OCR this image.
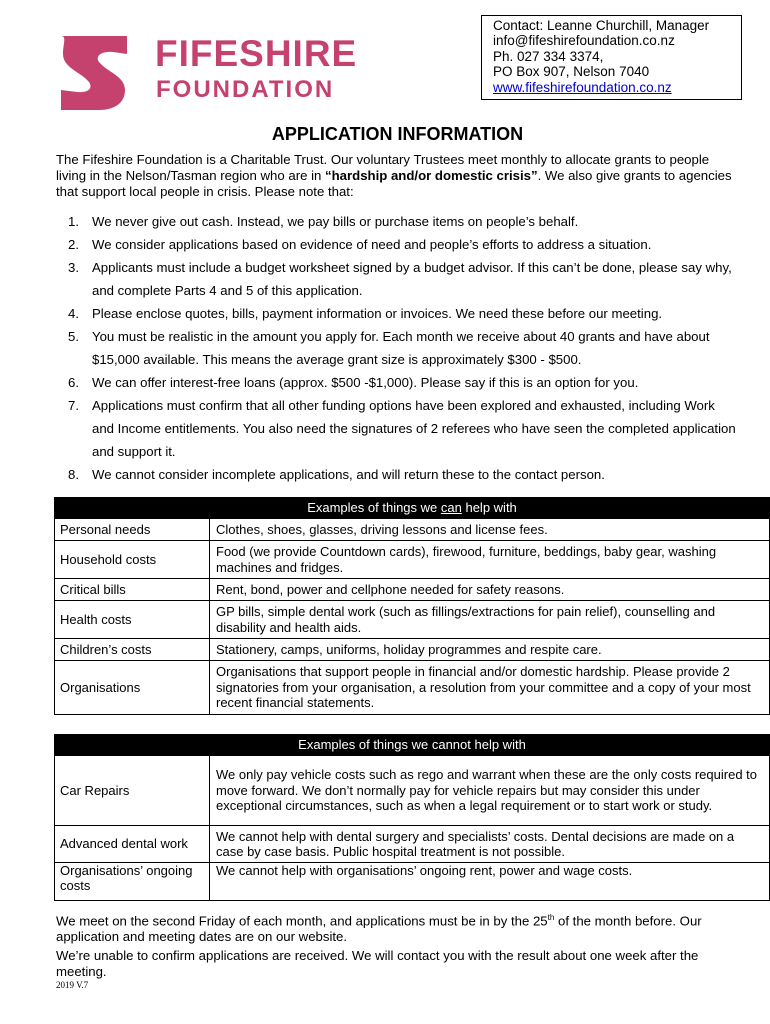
FIFESHIRE
FOUNDATION
Contact: Leanne Churchill, Manager
info@fifeshirefoundation.co.nz
Ph. 027 334 3374,
PO Box 907, Nelson 7040
www.fifeshirefoundation.co.nz
APPLICATION INFORMATION
The Fifeshire Foundation is a Charitable Trust. Our voluntary Trustees meet monthly to allocate grants to people living in the Nelson/Tasman region who are in “hardship and/or domestic crisis”. We also give grants to agencies that support local people in crisis. Please note that:
1. We never give out cash. Instead, we pay bills or purchase items on people’s behalf.
2. We consider applications based on evidence of need and people’s efforts to address a situation.
3. Applicants must include a budget worksheet signed by a budget advisor. If this can’t be done, please say why, and complete Parts 4 and 5 of this application.
4. Please enclose quotes, bills, payment information or invoices. We need these before our meeting.
5. You must be realistic in the amount you apply for. Each month we receive about 40 grants and have about $15,000 available. This means the average grant size is approximately $300 - $500.
6. We can offer interest-free loans (approx. $500 -$1,000). Please say if this is an option for you.
7. Applications must confirm that all other funding options have been explored and exhausted, including Work and Income entitlements. You also need the signatures of 2 referees who have seen the completed application and support it.
8. We cannot consider incomplete applications, and will return these to the contact person.
Examples of things we can help with	
Personal needs	Clothes, shoes, glasses, driving lessons and license fees.
Household costs	Food (we provide Countdown cards), firewood, furniture, beddings, baby gear, washing machines and fridges.
Critical bills	Rent, bond, power and cellphone needed for safety reasons.
Health costs	GP bills, simple dental work (such as fillings/extractions for pain relief), counselling and disability and health aids.
Children’s costs	Stationery, camps, uniforms, holiday programmes and respite care.
Organisations	Organisations that support people in financial and/or domestic hardship. Please provide 2 signatories from your organisation, a resolution from your committee and a copy of your most recent financial statements.
Examples of things we cannot help with	
Car Repairs	We only pay vehicle costs such as rego and warrant when these are the only costs required to move forward. We don’t normally pay for vehicle repairs but may consider this under exceptional circumstances, such as when a legal requirement or to start work or study.
Advanced dental work	We cannot help with dental surgery and specialists’ costs. Dental decisions are made on a case by case basis. Public hospital treatment is not possible.
Organisations’ ongoing costs	We cannot help with organisations’ ongoing rent, power and wage costs.
We meet on the second Friday of each month, and applications must be in by the 25th of the month before. Our application and meeting dates are on our website.
We’re unable to confirm applications are received. We will contact you with the result about one week after the meeting.
2019 V.7
